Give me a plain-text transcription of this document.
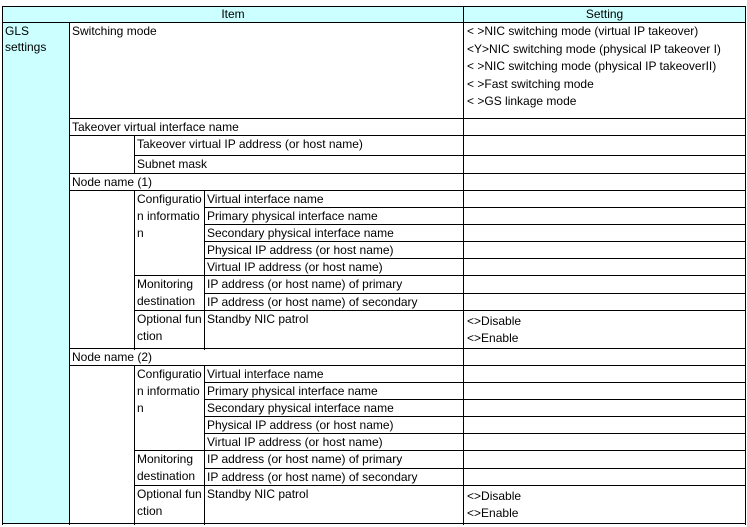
Item				Setting
GLS settings	Switching mode			< >NIC switching mode (virtual IP takeover)
<Y>NIC switching mode (physical IP takeover I)
< >NIC switching mode (physical IP takeoverII)
< >Fast switching mode
< >GS linkage mode

	Takeover virtual interface name			
		Takeover virtual IP address (or host name)		
		Subnet mask		
	Node name (1)			
		Configuration information	Virtual interface name	
			Primary physical interface name	
			Secondary physical interface name	
			Physical IP address (or host name)	
			Virtual IP address (or host name)	
		Monitoring destination	IP address (or host name) of primary	
			IP address (or host name) of secondary	
		Optional function	Standby NIC patrol	<>Disable
<>Enable

	Node name (2)			
		Configuration information	Virtual interface name	
			Primary physical interface name	
			Secondary physical interface name	
			Physical IP address (or host name)	
			Virtual IP address (or host name)	
		Monitoring destination	IP address (or host name) of primary	
			IP address (or host name) of secondary	
		Optional function	Standby NIC patrol	<>Disable
<>Enable
